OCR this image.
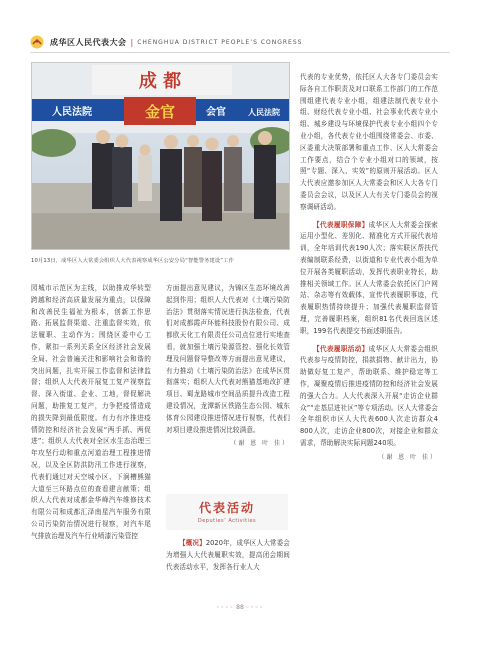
成华区人民代表大会 | CHENGHUA DISTRICT PEOPLE’S CONGRESS
成 都
金官
人民法院	会官	人民法院
10月13日，成华区人大常委会组织人大代表视察成华区公安分局“智能警务建设”工作

园城市示范区为主线，以助推成华转型跨越和经济高质量发展为重点，以保障和改善民生福祉为根本，创新工作思路、拓展监督渠道、注重监督实效，依法履职、主动作为；围绕区委中心工作，紧扣一系列关系全区经济社会发展全局、社会普遍关注和影响社会和谐的突出问题，扎实开展工作监督和法律监督；组织人大代表开展复工复产视察监督、深入街道、企业、工地，督促解决问题，助推复工复产，力争把疫情造成的损失降到最低限度。有力有序推进疫情防控和经济社会发展“两手抓、两促进”；组织人大代表对全区水生态治理三年攻坚行动和重点河道治理工程推进情况，以及全区防洪防汛工作进行视察，代表们通过对天空城小区、下涧槽熊猫大道至三环路点位的查看建言献策；组织人大代表对成都金华峰汽车维修技术有限公司和成都汇泽南星汽车服务有限公司污染防治情况进行视察，对汽车尾气排放治理及汽车行业喷漆污染管控

方面提出意见建议，为锦区生态环境改善起到作用；组织人大代表对《土壤污染防治法》贯彻落实情况进行执法检查，代表们对成都霞声环能科技股份有限公司、成都欧天化工有限责任公司点位进行实地查看，就加强土壤污染源管控、强化长效管理及问题督导整改等方面提出意见建议，有力推动《土壤污染防治法》在成华区贯彻落实；组织人大代表对熊猫基地改扩建项目、蜀龙路城市空间品质提升改造工程建设情况，龙潭新区铁路生态公园、城东体育公园建设推进情况进行视察，代表们对项目建设推进情况比较满意。

（谢 恩 叶 佳）
代表活动
Deputies’ Activities

【概况】2020年，成华区人大常委会为增强人大代表履职实效，提高闭会期间代表活动水平，发挥各行业人大

代表的专业优势，依托区人大各专门委员会实际各自工作职责及对口联系工作部门的工作范围组建代表专业小组，组建法制代表专业小组、财经代表专业小组、社会事业代表专业小组、城乡建设与环境保护代表专业小组四个专业小组，各代表专业小组围绕常委会、市委、区委重大决策部署和重点工作、区人大常委会工作要点，结合个专业小组对口的领域，按照“专题、深入、实效”的原则开展活动。区人大代表应邀参加区人大常委会和区人大各专门委员会会议，以及区人大有关专门委员会的视察调研活动。

【代表履职保障】成华区人大常委会探索运用小型化、差别化、精准化方式开展代表培训，全年培训代表190人次；落实联区帮扶代表编制联系经费，以街道和专业代表小组为单位开展各类履职活动，发挥代表职业特长，助推相关领域工作。区人大常委会依托区门户网站、杂志等有效载体，宣传代表履职事迹，代表履职热情持续提升；加强代表履职监督管理，完善履职档案，组织81名代表回选区述职，199名代表提交书面述职报告。

【代表履职活动】成华区人大常委会组织代表参与疫情防控，捐款捐物、献计出力，协助做好复工复产，帮助联系、维护稳定等工作，凝聚疫情后推进疫情防控和经济社会发展的强大合力。人大代表深入开展“走访企业群众”“走基层进社区”等专项活动。区人大常委会全年组织市区人大代表600人次走访群众4 800人次，走访企业800次，对接企业和群众需求，帮助解决实际问题240项。

（谢 恩 叶 佳）
◦◦◦◦ 88 ◦◦◦◦
